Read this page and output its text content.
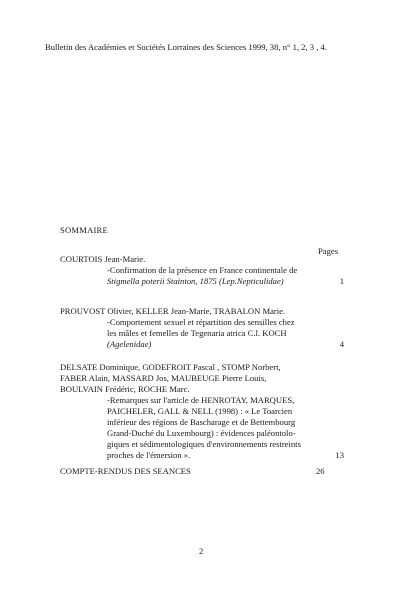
Bulletin des Académies et Sociétés Lorraines des Sciences 1999, 38, n° 1, 2, 3 , 4.
SOMMAIRE
Pages
COURTOIS Jean-Marie.
-Confirmation de la présence en France continentale de
Stigmella poterii Stainton, 1875 (Lep.Nepticulidae)	1
PROUVOST Olivier, KELLER Jean-Marie, TRABALON Marie.
-Comportement sexuel et répartition des sensilles chez
les mâles et femelles de Tegenaria atrica C.l. KOCH
(Agelenidae)	4
DELSATE Dominique, GODEFROIT Pascal , STOMP Norbert,
FABER Alain, MASSARD Jos, MAUBEUGE Pierre Louis,
BOULVAIN Frédéric, ROCHE Marc.
-Remarques sur l'article de HENROTAY, MARQUES,
PAICHELER, GALL & NELL (1998) : « Le Toarcien
inférieur des régions de Bascharage et de Bettembourg
Grand-Duché du Luxembourg) : évidences paléontolo-
giques et sédimentologiques d'environnements restreints
proches de l'émersion ».	13
COMPTE-RENDUS DES SEANCES	26
2
